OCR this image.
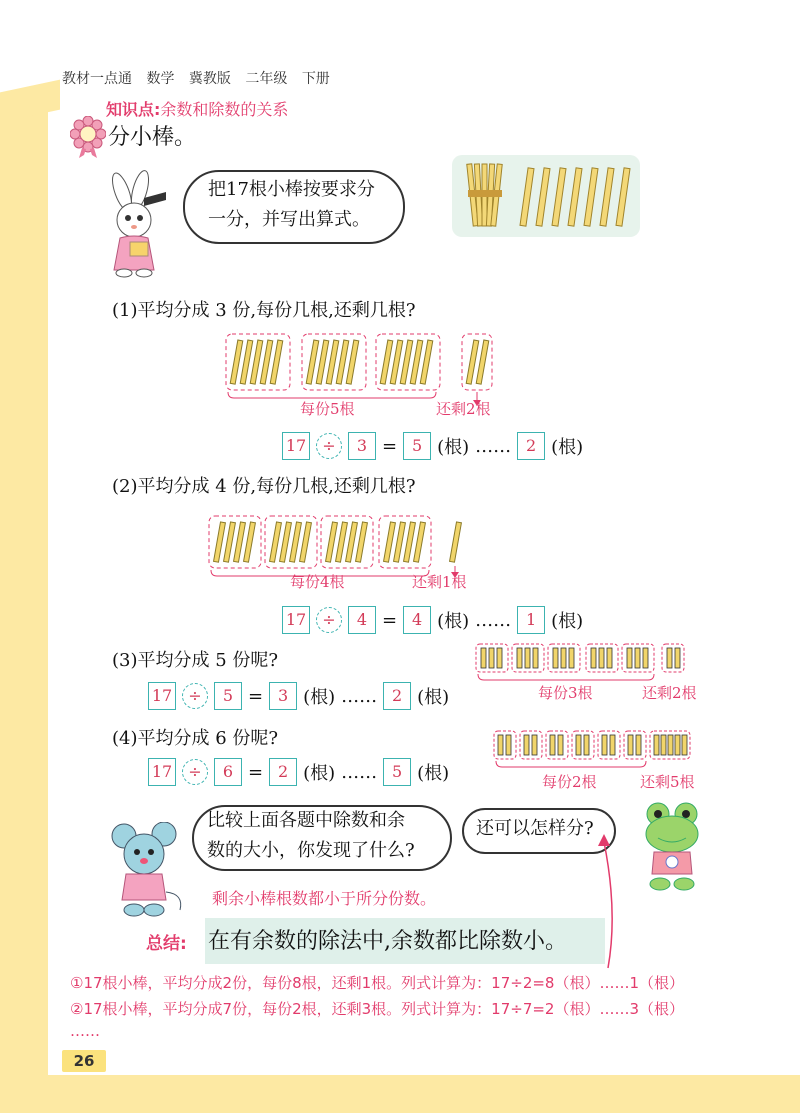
教材一点通 数学 冀教版 二年级 下册
知识点:余数和除数的关系
分小棒。
把17根小棒按要求分
一分，并写出算式。
(1)平均分成 3 份,每份几根,还剩几根?
每份5根	还剩2根
17 ÷ 3 = 5 (根) …… 2 (根)
(2)平均分成 4 份,每份几根,还剩几根?
每份4根	还剩1根
17 ÷ 4 = 4 (根) …… 1 (根)
(3)平均分成 5 份呢?
每份3根	还剩2根
17 ÷ 5 = 3 (根) …… 2 (根)
(4)平均分成 6 份呢?
每份2根	还剩5根
17 ÷ 6 = 2 (根) …… 5 (根)
比较上面各题中除数和余
数的大小，你发现了什么?
剩余小棒根数都小于所分份数。
还可以怎样分?
总结: 在有余数的除法中,余数都比除数小。
①17根小棒，平均分成2份，每份8根，还剩1根。列式计算为：17÷2=8（根）……1（根）
②17根小棒，平均分成7份，每份2根，还剩3根。列式计算为：17÷7=2（根）……3（根）
……
26
